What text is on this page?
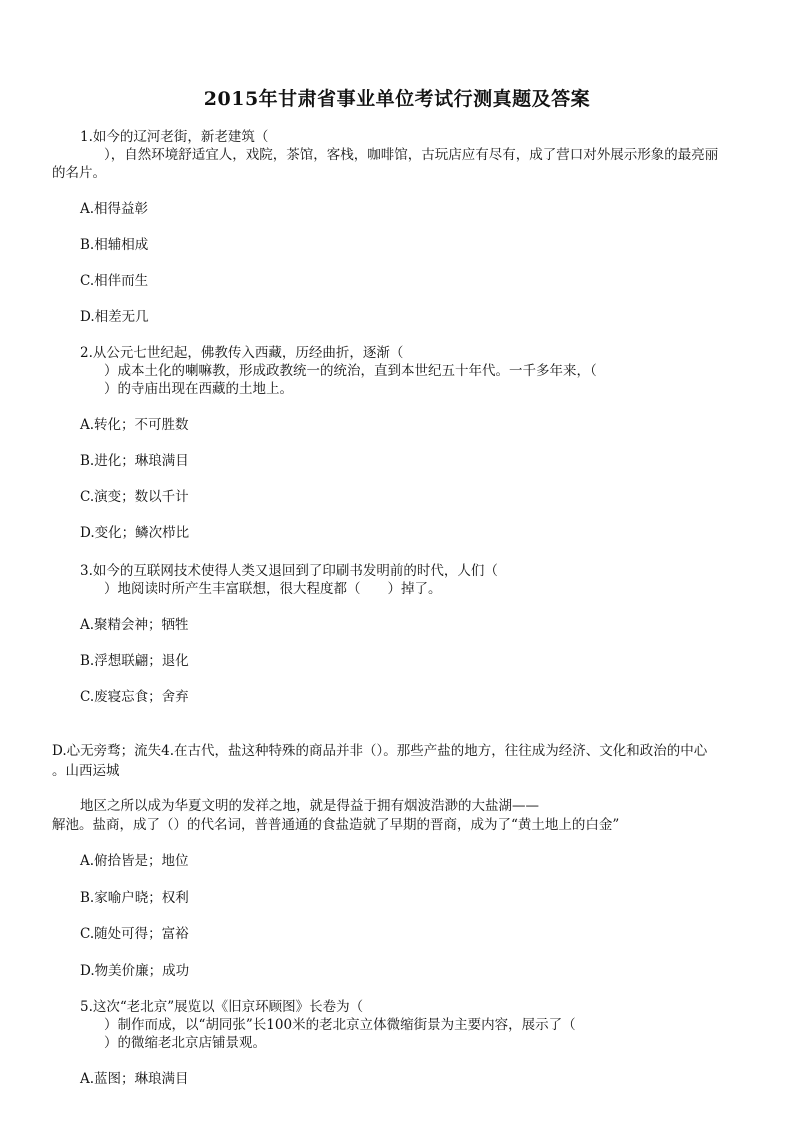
2015年甘肃省事业单位考试行测真题及答案

1.如今的辽河老街，新老建筑（

），自然环境舒适宜人，戏院，茶馆，客栈，咖啡馆，古玩店应有尽有，成了营口对外展示形象的最亮丽

的名片。

A.相得益彰

B.相辅相成

C.相伴而生

D.相差无几

2.从公元七世纪起，佛教传入西藏，历经曲折，逐渐（

）成本土化的喇嘛教，形成政教统一的统治，直到本世纪五十年代。一千多年来，（

）的寺庙出现在西藏的土地上。

A.转化；不可胜数

B.进化；琳琅满目

C.演变；数以千计

D.变化；鳞次栉比

3.如今的互联网技术使得人类又退回到了印刷书发明前的时代，人们（

）地阅读时所产生丰富联想，很大程度都（　　）掉了。

A.聚精会神；牺牲

B.浮想联翩；退化

C.废寝忘食；舍弃

D.心无旁骛；流失4.在古代，盐这种特殊的商品并非（）。那些产盐的地方，往往成为经济、文化和政治的中心

。山西运城

地区之所以成为华夏文明的发祥之地，就是得益于拥有烟波浩渺的大盐湖——

解池。盐商，成了（）的代名词，普普通通的食盐造就了早期的晋商，成为了“黄土地上的白金”

A.俯拾皆是；地位

B.家喻户晓；权利

C.随处可得；富裕

D.物美价廉；成功

5.这次“老北京”展览以《旧京环顾图》长卷为（

）制作而成，以“胡同张”长100米的老北京立体微缩街景为主要内容，展示了（

）的微缩老北京店铺景观。

A.蓝图；琳琅满目
